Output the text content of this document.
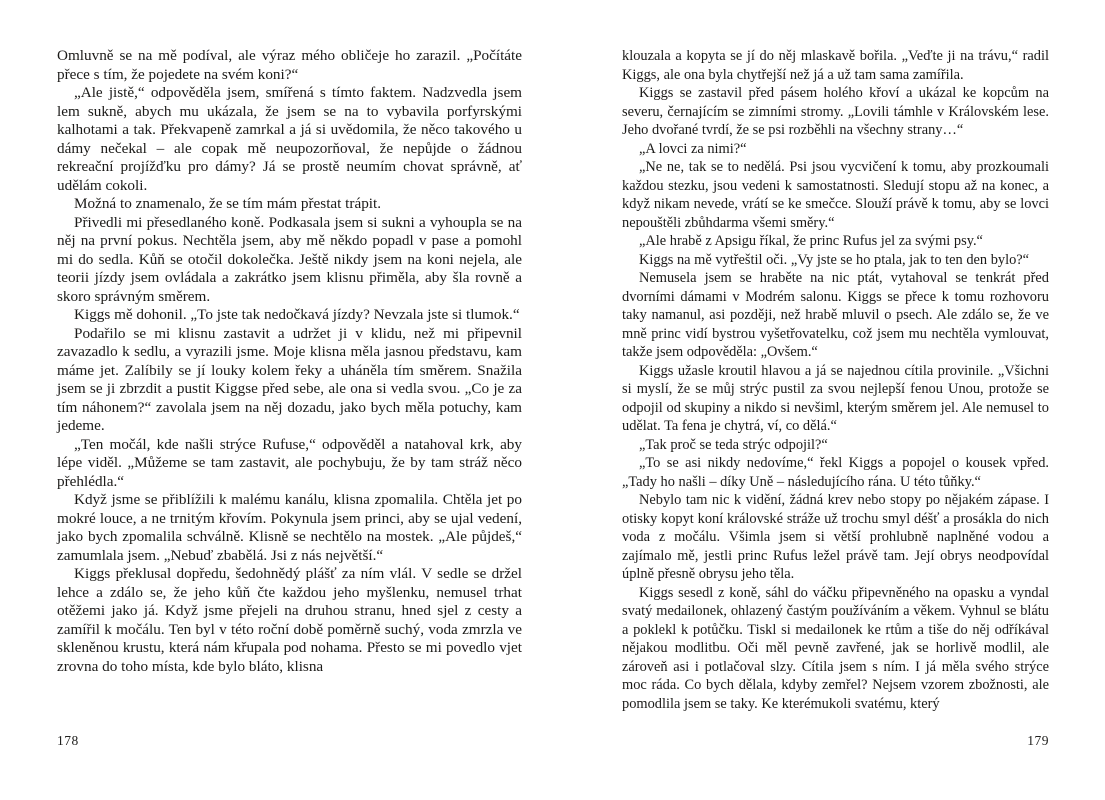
Omluvně se na mě podíval, ale výraz mého obličeje ho zarazil. „Počítáte přece s tím, že pojedete na svém koni?“

„Ale jistě,“ odpověděla jsem, smířená s tímto faktem. Nadzvedla jsem lem sukně, abych mu ukázala, že jsem se na to vybavila porfyrskými kalhotami a tak. Překvapeně zamrkal a já si uvědomila, že něco takového u dámy nečekal – ale copak mě neupozorňoval, že nepůjde o žádnou rekreační projížďku pro dámy? Já se prostě neumím chovat správně, ať udělám cokoli.

Možná to znamenalo, že se tím mám přestat trápit.

Přivedli mi přesedlaného koně. Podkasala jsem si sukni a vyhoupla se na něj na první pokus. Nechtěla jsem, aby mě někdo popadl v pase a pomohl mi do sedla. Kůň se otočil dokolečka. Ještě nikdy jsem na koni nejela, ale teorii jízdy jsem ovládala a zakrátko jsem klisnu přiměla, aby šla rovně a skoro správným směrem.

Kiggs mě dohonil. „To jste tak nedočkavá jízdy? Nevzala jste si tlumok.“

Podařilo se mi klisnu zastavit a udržet ji v klidu, než mi připevnil zavazadlo k sedlu, a vyrazili jsme. Moje klisna měla jasnou představu, kam máme jet. Zalíbily se jí louky kolem řeky a uháněla tím směrem. Snažila jsem se ji zbrzdit a pustit Kiggse před sebe, ale ona si vedla svou. „Co je za tím náhonem?“ zavolala jsem na něj dozadu, jako bych měla potuchy, kam jedeme.

„Ten močál, kde našli strýce Rufuse,“ odpověděl a natahoval krk, aby lépe viděl. „Můžeme se tam zastavit, ale pochybuju, že by tam stráž něco přehlédla.“

Když jsme se přiblížili k malému kanálu, klisna zpomalila. Chtěla jet po mokré louce, a ne trnitým křovím. Pokynula jsem princi, aby se ujal vedení, jako bych zpomalila schválně. Klisně se nechtělo na mostek. „Ale půjdeš,“ zamumlala jsem. „Nebuď zbabělá. Jsi z nás největší.“

Kiggs překlusal dopředu, šedohnědý plášť za ním vlál. V sedle se držel lehce a zdálo se, že jeho kůň čte každou jeho myšlenku, nemusel trhat otěžemi jako já. Když jsme přejeli na druhou stranu, hned sjel z cesty a zamířil k močálu. Ten byl v této roční době poměrně suchý, voda zmrzla ve skleněnou krustu, která nám křupala pod nohama. Přesto se mi povedlo vjet zrovna do toho místa, kde bylo bláto, klisna

klouzala a kopyta se jí do něj mlaskavě bořila. „Veďte ji na trávu,“ radil Kiggs, ale ona byla chytřejší než já a už tam sama zamířila.

Kiggs se zastavil před pásem holého křoví a ukázal ke kopcům na severu, černajícím se zimními stromy. „Lovili támhle v Královském lese. Jeho dvořané tvrdí, že se psi rozběhli na všechny strany…“

„A lovci za nimi?“

„Ne ne, tak se to nedělá. Psi jsou vycvičení k tomu, aby prozkoumali každou stezku, jsou vedeni k samostatnosti. Sledují stopu až na konec, a když nikam nevede, vrátí se ke smečce. Slouží právě k tomu, aby se lovci nepouštěli zbůhdarma všemi směry.“

„Ale hrabě z Apsigu říkal, že princ Rufus jel za svými psy.“

Kiggs na mě vytřeštil oči. „Vy jste se ho ptala, jak to ten den bylo?“

Nemusela jsem se hraběte na nic ptát, vytahoval se tenkrát před dvorními dámami v Modrém salonu. Kiggs se přece k tomu rozhovoru taky namanul, asi později, než hrabě mluvil o psech. Ale zdálo se, že ve mně princ vidí bystrou vyšetřovatelku, což jsem mu nechtěla vymlouvat, takže jsem odpověděla: „Ovšem.“

Kiggs užasle kroutil hlavou a já se najednou cítila provinile. „Všichni si myslí, že se můj strýc pustil za svou nejlepší fenou Unou, protože se odpojil od skupiny a nikdo si nevšiml, kterým směrem jel. Ale nemusel to udělat. Ta fena je chytrá, ví, co dělá.“

„Tak proč se teda strýc odpojil?“

„To se asi nikdy nedovíme,“ řekl Kiggs a popojel o kousek vpřed. „Tady ho našli – díky Uně – následujícího rána. U této tůňky.“

Nebylo tam nic k vidění, žádná krev nebo stopy po nějakém zápase. I otisky kopyt koní královské stráže už trochu smyl déšť a prosákla do nich voda z močálu. Všimla jsem si větší prohlubně naplněné vodou a zajímalo mě, jestli princ Rufus ležel právě tam. Její obrys neodpovídal úplně přesně obrysu jeho těla.

Kiggs sesedl z koně, sáhl do váčku připevněného na opasku a vyndal svatý medailonek, ohlazený častým používáním a věkem. Vyhnul se blátu a poklekl k potůčku. Tiskl si medailonek ke rtům a tiše do něj odříkával nějakou modlitbu. Oči měl pevně zavřené, jak se horlivě modlil, ale zároveň asi i potlačoval slzy. Cítila jsem s ním. I já měla svého strýce moc ráda. Co bych dělala, kdyby zemřel? Nejsem vzorem zbožnosti, ale pomodlila jsem se taky. Ke kterémukoli svatému, který

178	179
